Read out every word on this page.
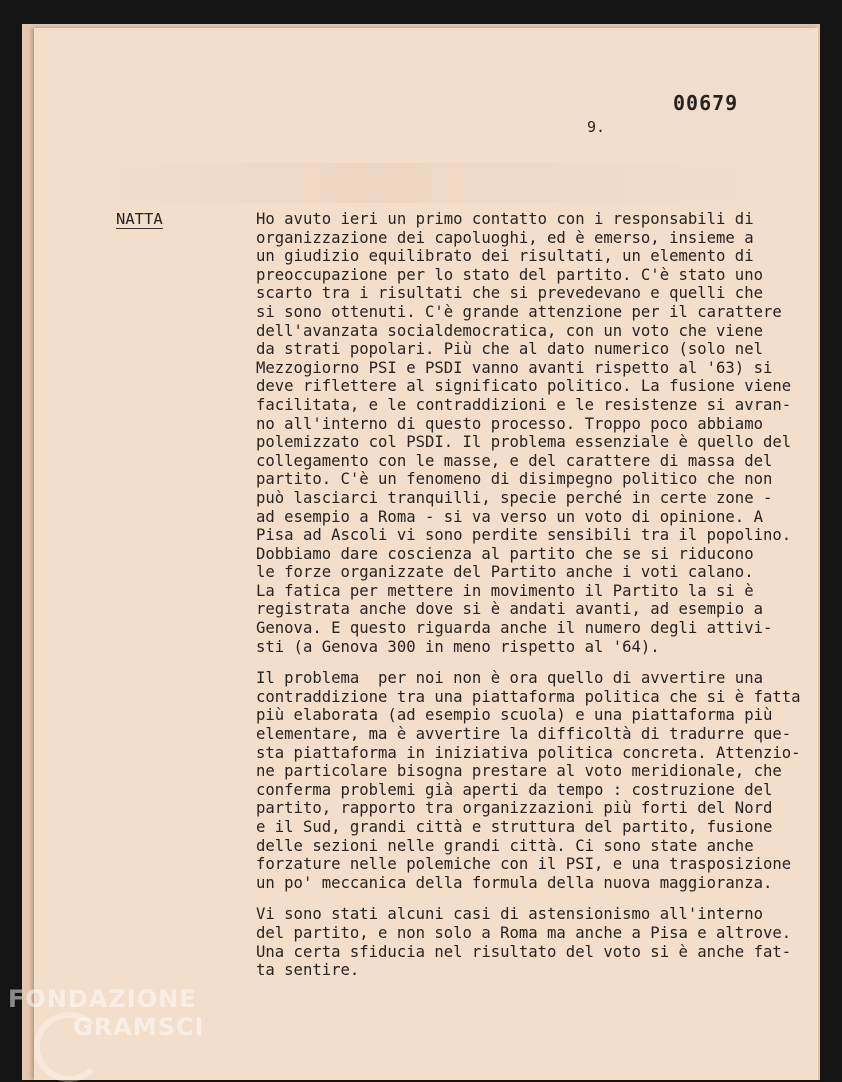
00679
9.
NATTA	Ho avuto ieri un primo contatto con i responsabili di
organizzazione dei capoluoghi, ed è emerso, insieme a
un giudizio equilibrato dei risultati, un elemento di
preoccupazione per lo stato del partito. C'è stato uno
scarto tra i risultati che si prevedevano e quelli che
si sono ottenuti. C'è grande attenzione per il carattere
dell'avanzata socialdemocratica, con un voto che viene
da strati popolari. Più che al dato numerico (solo nel
Mezzogiorno PSI e PSDI vanno avanti rispetto al '63) si
deve riflettere al significato politico. La fusione viene
facilitata, e le contraddizioni e le resistenze si avran-
no all'interno di questo processo. Troppo poco abbiamo
polemizzato col PSDI. Il problema essenziale è quello del
collegamento con le masse, e del carattere di massa del
partito. C'è un fenomeno di disimpegno politico che non
può lasciarci tranquilli, specie perché in certe zone -
ad esempio a Roma - si va verso un voto di opinione. A
Pisa ad Ascoli vi sono perdite sensibili tra il popolino.
Dobbiamo dare coscienza al partito che se si riducono
le forze organizzate del Partito anche i voti calano.
La fatica per mettere in movimento il Partito la si è
registrata anche dove si è andati avanti, ad esempio a
Genova. E questo riguarda anche il numero degli attivi-
sti (a Genova 300 in meno rispetto al '64).
Il problema  per noi non è ora quello di avvertire una
contraddizione tra una piattaforma politica che si è fatta
più elaborata (ad esempio scuola) e una piattaforma più
elementare, ma è avvertire la difficoltà di tradurre que-
sta piattaforma in iniziativa politica concreta. Attenzio-
ne particolare bisogna prestare al voto meridionale, che
conferma problemi già aperti da tempo : costruzione del
partito, rapporto tra organizzazioni più forti del Nord
e il Sud, grandi città e struttura del partito, fusione
delle sezioni nelle grandi città. Ci sono state anche
forzature nelle polemiche con il PSI, e una trasposizione
un po' meccanica della formula della nuova maggioranza.
Vi sono stati alcuni casi di astensionismo all'interno
del partito, e non solo a Roma ma anche a Pisa e altrove.
Una certa sfiducia nel risultato del voto si è anche fat-
ta sentire.
FONDAZIONE
GRAMSCI
